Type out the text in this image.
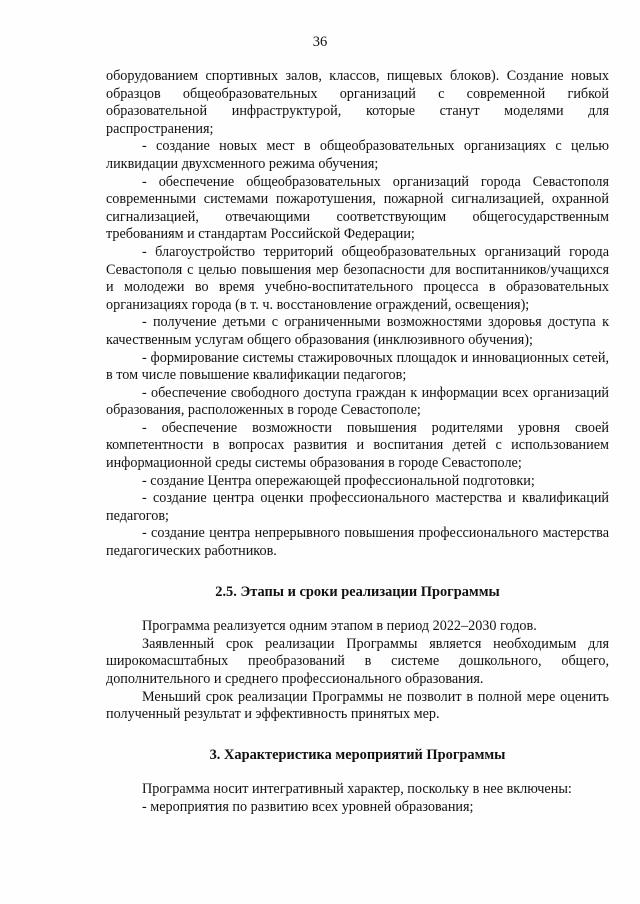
36

оборудованием спортивных залов, классов, пищевых блоков). Создание новых образцов общеобразовательных организаций с современной гибкой образовательной инфраструктурой, которые станут моделями для распространения;

- создание новых мест в общеобразовательных организациях с целью ликвидации двухсменного режима обучения;

- обеспечение общеобразовательных организаций города Севастополя современными системами пожаротушения, пожарной сигнализацией, охранной сигнализацией, отвечающими соответствующим общегосударственным требованиям и стандартам Российской Федерации;

- благоустройство территорий общеобразовательных организаций города Севастополя с целью повышения мер безопасности для воспитанников/учащихся и молодежи во время учебно-воспитательного процесса в образовательных организациях города (в т. ч. восстановление ограждений, освещения);

- получение детьми с ограниченными возможностями здоровья доступа к качественным услугам общего образования (инклюзивного обучения);

- формирование системы стажировочных площадок и инновационных сетей, в том числе повышение квалификации педагогов;

- обеспечение свободного доступа граждан к информации всех организаций образования, расположенных в городе Севастополе;

- обеспечение возможности повышения родителями уровня своей компетентности в вопросах развития и воспитания детей с использованием информационной среды системы образования в городе Севастополе;

- создание Центра опережающей профессиональной подготовки;

- создание центра оценки профессионального мастерства и квалификаций педагогов;

- создание центра непрерывного повышения профессионального мастерства педагогических работников.

2.5. Этапы и сроки реализации Программы

Программа реализуется одним этапом в период 2022–2030 годов.

Заявленный срок реализации Программы является необходимым для широкомасштабных преобразований в системе дошкольного, общего, дополнительного и среднего профессионального образования.

Меньший срок реализации Программы не позволит в полной мере оценить полученный результат и эффективность принятых мер.

3. Характеристика мероприятий Программы

Программа носит интегративный характер, поскольку в нее включены:

- мероприятия по развитию всех уровней образования;
